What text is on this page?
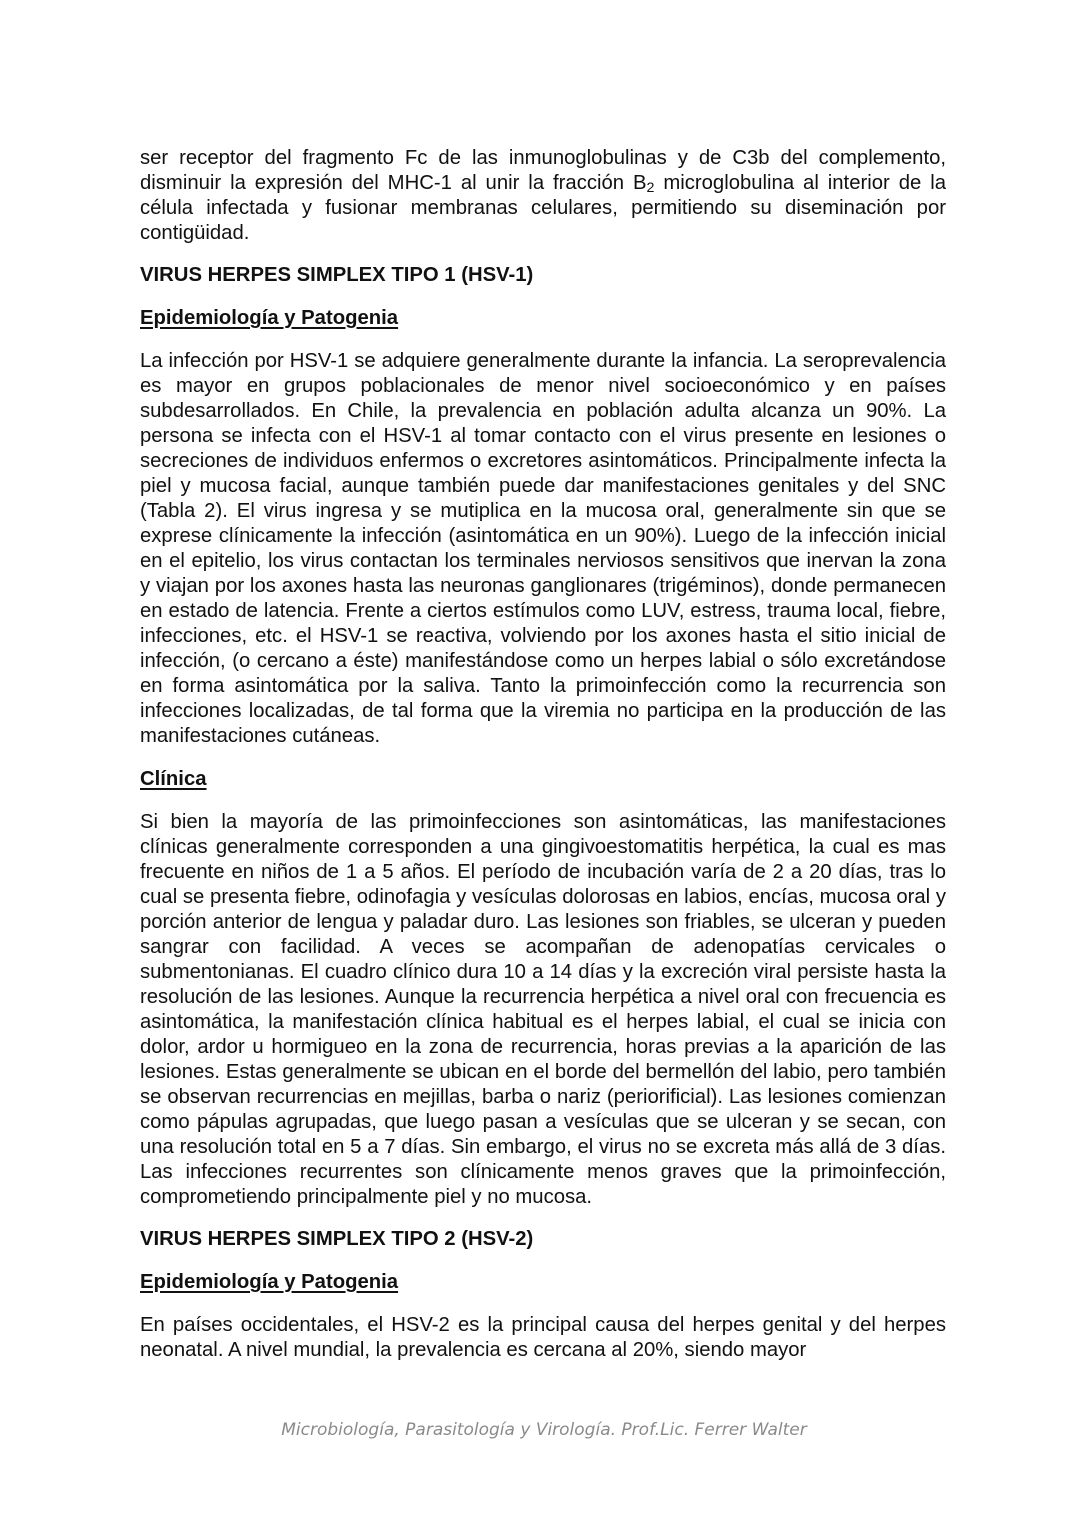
ser receptor del fragmento Fc de las inmunoglobulinas y de C3b del complemento, disminuir la expresión del MHC-1 al unir la fracción $B_2$ microglobulina al interior de la célula infectada y fusionar membranas celulares, permitiendo su diseminación por contigüidad.

VIRUS HERPES SIMPLEX TIPO 1 (HSV-1)
Epidemiología y Patogenia

La infección por HSV-1 se adquiere generalmente durante la infancia. La seroprevalencia es mayor en grupos poblacionales de menor nivel socioeconómico y en países subdesarrollados. En Chile, la prevalencia en población adulta alcanza un 90%. La persona se infecta con el HSV-1 al tomar contacto con el virus presente en lesiones o secreciones de individuos enfermos o excretores asintomáticos. Principalmente infecta la piel y mucosa facial, aunque también puede dar manifestaciones genitales y del SNC (Tabla 2). El virus ingresa y se mutiplica en la mucosa oral, generalmente sin que se exprese clínicamente la infección (asintomática en un 90%). Luego de la infección inicial en el epitelio, los virus contactan los terminales nerviosos sensitivos que inervan la zona y viajan por los axones hasta las neuronas ganglionares (trigéminos), donde permanecen en estado de latencia. Frente a ciertos estímulos como LUV, estress, trauma local, fiebre, infecciones, etc. el HSV-1 se reactiva, volviendo por los axones hasta el sitio inicial de infección, (o cercano a éste) manifestándose como un herpes labial o sólo excretándose en forma asintomática por la saliva. Tanto la primoinfección como la recurrencia son infecciones localizadas, de tal forma que la viremia no participa en la producción de las manifestaciones cutáneas.

Clínica

Si bien la mayoría de las primoinfecciones son asintomáticas, las manifestaciones clínicas generalmente corresponden a una gingivoestomatitis herpética, la cual es mas frecuente en niños de 1 a 5 años. El período de incubación varía de 2 a 20 días, tras lo cual se presenta fiebre, odinofagia y vesículas dolorosas en labios, encías, mucosa oral y porción anterior de lengua y paladar duro. Las lesiones son friables, se ulceran y pueden sangrar con facilidad. A veces se acompañan de adenopatías cervicales o submentonianas. El cuadro clínico dura 10 a 14 días y la excreción viral persiste hasta la resolución de las lesiones. Aunque la recurrencia herpética a nivel oral con frecuencia es asintomática, la manifestación clínica habitual es el herpes labial, el cual se inicia con dolor, ardor u hormigueo en la zona de recurrencia, horas previas a la aparición de las lesiones. Estas generalmente se ubican en el borde del bermellón del labio, pero también se observan recurrencias en mejillas, barba o nariz (periorificial). Las lesiones comienzan como pápulas agrupadas, que luego pasan a vesículas que se ulceran y se secan, con una resolución total en 5 a 7 días. Sin embargo, el virus no se excreta más allá de 3 días. Las infecciones recurrentes son clínicamente menos graves que la primoinfección, comprometiendo principalmente piel y no mucosa.

VIRUS HERPES SIMPLEX TIPO 2 (HSV-2)
Epidemiología y Patogenia

En países occidentales, el HSV-2 es la principal causa del herpes genital y del herpes neonatal. A nivel mundial, la prevalencia es cercana al 20%, siendo mayor

Microbiología, Parasitología y Virología. Prof.Lic. Ferrer Walter
